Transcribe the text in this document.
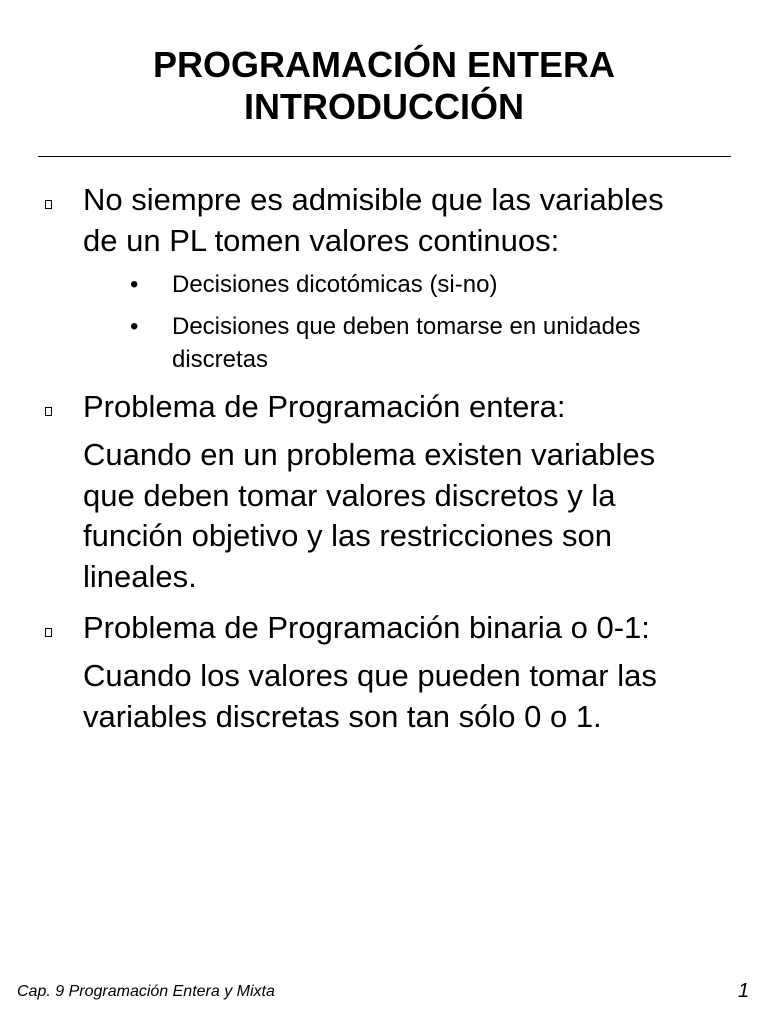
PROGRAMACIÓN ENTERA
INTRODUCCIÓN
No siempre es admisible que las variables
de un PL tomen valores continuos:
• Decisiones dicotómicas (si-no)
• Decisiones que deben tomarse en unidades
discretas
Problema de Programación entera:
Cuando en un problema existen variables
que deben tomar valores discretos y la
función objetivo y las restricciones son
lineales.
Problema de Programación binaria o 0-1:
Cuando los valores que pueden tomar las
variables discretas son tan sólo 0 o 1.
Cap. 9 Programación Entera y Mixta	1
